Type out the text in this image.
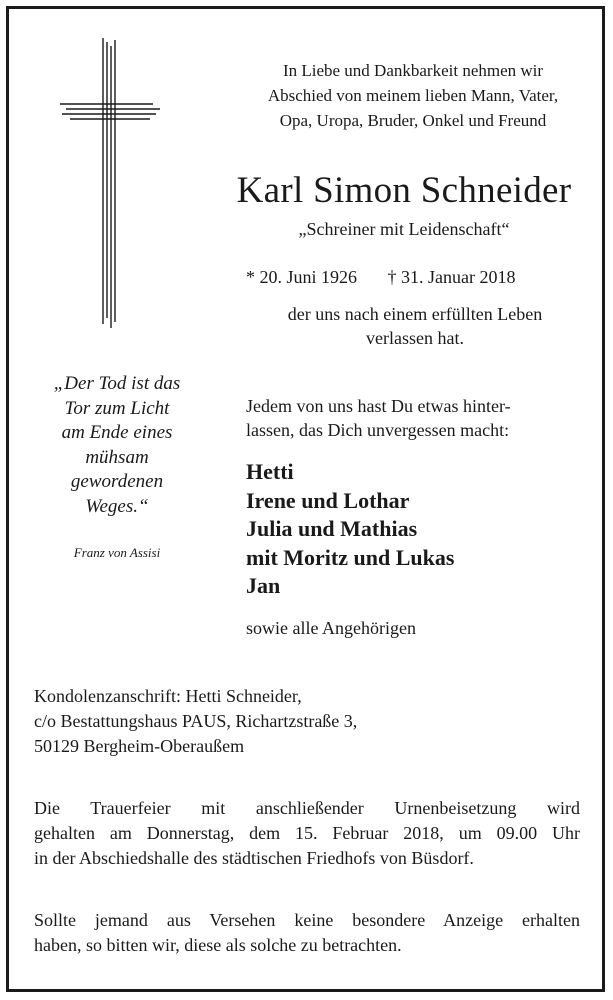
In Liebe und Dankbarkeit nehmen wir
Abschied von meinem lieben Mann, Vater,
Opa, Uropa, Bruder, Onkel und Freund
Karl Simon Schneider
„Schreiner mit Leidenschaft“
* 20. Juni 1926 † 31. Januar 2018
der uns nach einem erfüllten Leben
verlassen hat.
„Der Tod ist das
Tor zum Licht
am Ende eines
mühsam
gewordenen
Weges.“
Franz von Assisi
Jedem von uns hast Du etwas hinter-
lassen, das Dich unvergessen macht:
Hetti
Irene und Lothar
Julia und Mathias
mit Moritz und Lukas
Jan
sowie alle Angehörigen
Kondolenzanschrift: Hetti Schneider,
c/o Bestattungshaus PAUS, Richartzstraße 3,
50129 Bergheim-Oberaußem
Die Trauerfeier mit anschließender Urnenbeisetzung wird
gehalten am Donnerstag, dem 15. Februar 2018, um 09.00 Uhr
in der Abschiedshalle des städtischen Friedhofs von Büsdorf.
Sollte jemand aus Versehen keine besondere Anzeige erhalten
haben, so bitten wir, diese als solche zu betrachten.
